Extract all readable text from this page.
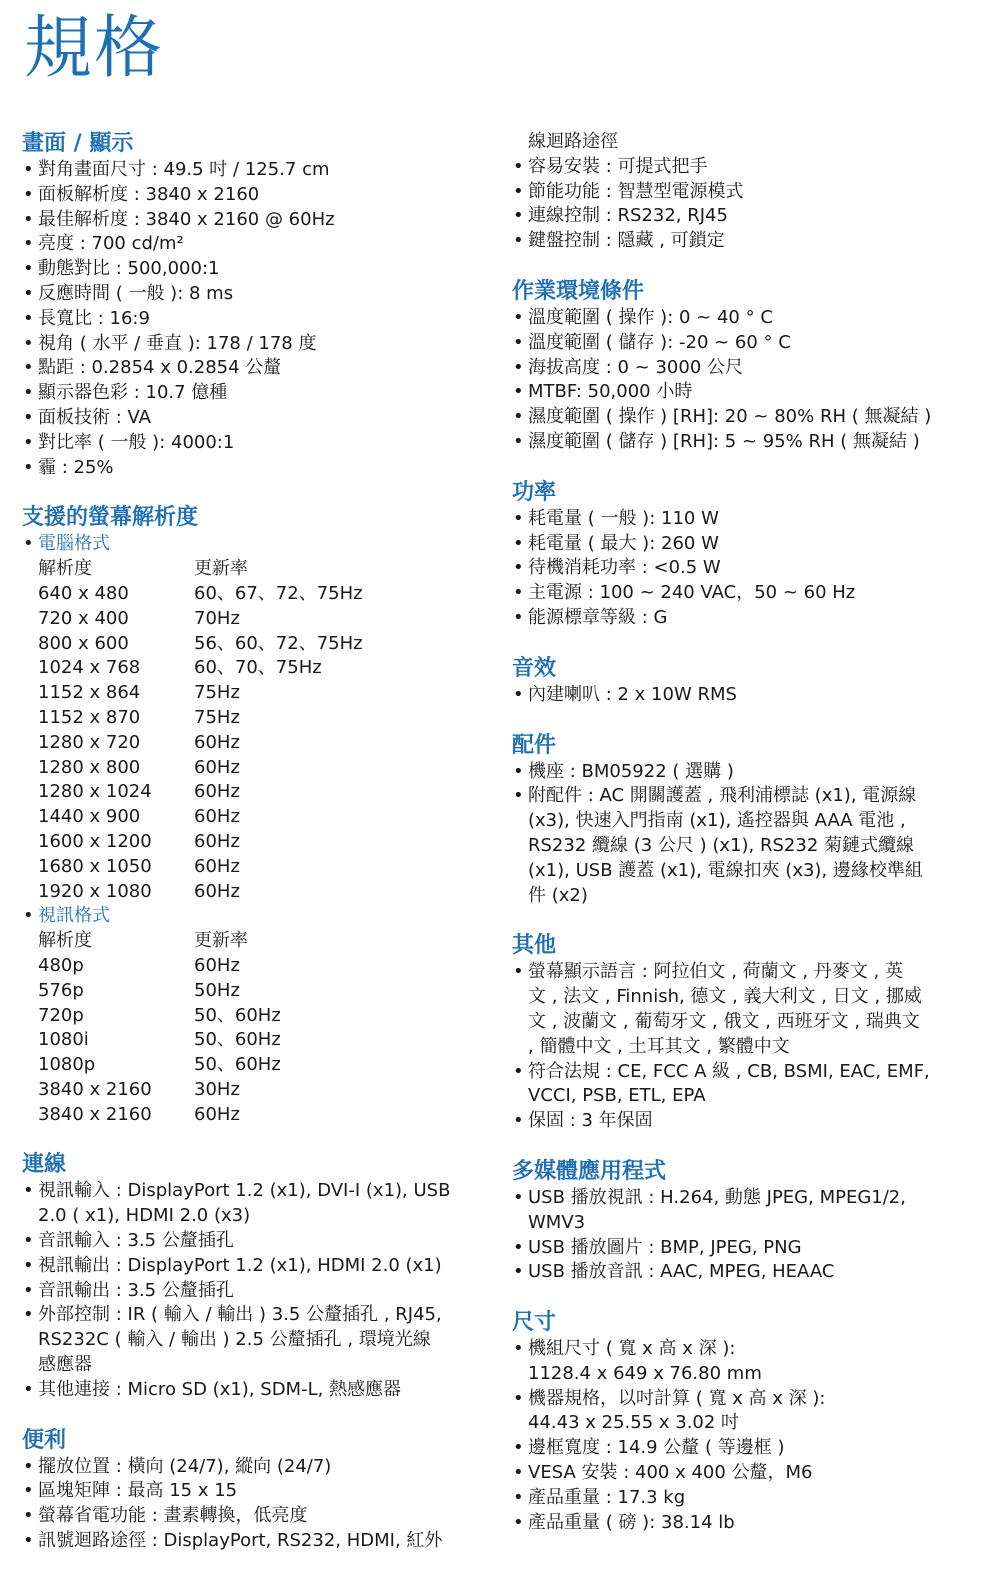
規格
畫面 / 顯示
• 對角畫面尺寸 : 49.5 吋 / 125.7 cm
• 面板解析度 : 3840 x 2160
• 最佳解析度 : 3840 x 2160 @ 60Hz
• 亮度 : 700 cd/m²
• 動態對比 : 500,000:1
• 反應時間 ( 一般 ): 8 ms
• 長寬比 : 16:9
• 視角 ( 水平 / 垂直 ): 178 / 178 度
• 點距 : 0.2854 x 0.2854 公釐
• 顯示器色彩 : 10.7 億種
• 面板技術 : VA
• 對比率 ( 一般 ): 4000:1
• 霾 : 25%
支援的螢幕解析度
• 電腦格式
解析度	更新率
640 x 480	60、67、72、75Hz
720 x 400	70Hz
800 x 600	56、60、72、75Hz
1024 x 768	60、70、75Hz
1152 x 864	75Hz
1152 x 870	75Hz
1280 x 720	60Hz
1280 x 800	60Hz
1280 x 1024	60Hz
1440 x 900	60Hz
1600 x 1200	60Hz
1680 x 1050	60Hz
1920 x 1080	60Hz
• 視訊格式
解析度	更新率
480p	60Hz
576p	50Hz
720p	50、60Hz
1080i	50、60Hz
1080p	50、60Hz
3840 x 2160	30Hz
3840 x 2160	60Hz
連線
• 視訊輸入 : DisplayPort 1.2 (x1), DVI-I (x1), USB
2.0 ( x1), HDMI 2.0 (x3)
• 音訊輸入 : 3.5 公釐插孔
• 視訊輸出 : DisplayPort 1.2 (x1), HDMI 2.0 (x1)
• 音訊輸出 : 3.5 公釐插孔
• 外部控制 : IR ( 輸入 / 輸出 ) 3.5 公釐插孔 , RJ45,
RS232C ( 輸入 / 輸出 ) 2.5 公釐插孔 , 環境光線
感應器
• 其他連接 : Micro SD (x1), SDM-L, 熱感應器
便利
• 擺放位置 : 橫向 (24/7), 縱向 (24/7)
• 區塊矩陣 : 最高 15 x 15
• 螢幕省電功能 : 畫素轉換，低亮度
• 訊號迴路途徑 : DisplayPort, RS232, HDMI, 紅外
線迴路途徑
• 容易安裝 : 可提式把手
• 節能功能 : 智慧型電源模式
• 連線控制 : RS232, RJ45
• 鍵盤控制 : 隱藏 , 可鎖定
作業環境條件
• 溫度範圍 ( 操作 ): 0 ~ 40 ° C
• 溫度範圍 ( 儲存 ): -20 ~ 60 ° C
• 海拔高度 : 0 ~ 3000 公尺
• MTBF: 50,000 小時
• 濕度範圍 ( 操作 ) [RH]: 20 ~ 80% RH ( 無凝結 )
• 濕度範圍 ( 儲存 ) [RH]: 5 ~ 95% RH ( 無凝結 )
功率
• 耗電量 ( 一般 ): 110 W
• 耗電量 ( 最大 ): 260 W
• 待機消耗功率 : <0.5 W
• 主電源 : 100 ~ 240 VAC，50 ~ 60 Hz
• 能源標章等級 : G
音效
• 內建喇叭 : 2 x 10W RMS
配件
• 機座 : BM05922 ( 選購 )
• 附配件 : AC 開關護蓋 , 飛利浦標誌 (x1), 電源線
(x3), 快速入門指南 (x1), 遙控器與 AAA 電池 ,
RS232 纜線 (3 公尺 ) (x1), RS232 菊鏈式纜線
(x1), USB 護蓋 (x1), 電線扣夾 (x3), 邊緣校準組
件 (x2)
其他
• 螢幕顯示語言 : 阿拉伯文 , 荷蘭文 , 丹麥文 , 英
文 , 法文 , Finnish, 德文 , 義大利文 , 日文 , 挪威
文 , 波蘭文 , 葡萄牙文 , 俄文 , 西班牙文 , 瑞典文
, 簡體中文 , 土耳其文 , 繁體中文
• 符合法規 : CE, FCC A 級 , CB, BSMI, EAC, EMF,
VCCI, PSB, ETL, EPA
• 保固 : 3 年保固
多媒體應用程式
• USB 播放視訊 : H.264, 動態 JPEG, MPEG1/2,
WMV3
• USB 播放圖片 : BMP, JPEG, PNG
• USB 播放音訊 : AAC, MPEG, HEAAC
尺寸
• 機組尺寸 ( 寬 x 高 x 深 ):
1128.4 x 649 x 76.80 mm
• 機器規格，以吋計算 ( 寬 x 高 x 深 ):
44.43 x 25.55 x 3.02 吋
• 邊框寬度 : 14.9 公釐 ( 等邊框 )
• VESA 安裝 : 400 x 400 公釐，M6
• 產品重量 : 17.3 kg
• 產品重量 ( 磅 ): 38.14 lb
